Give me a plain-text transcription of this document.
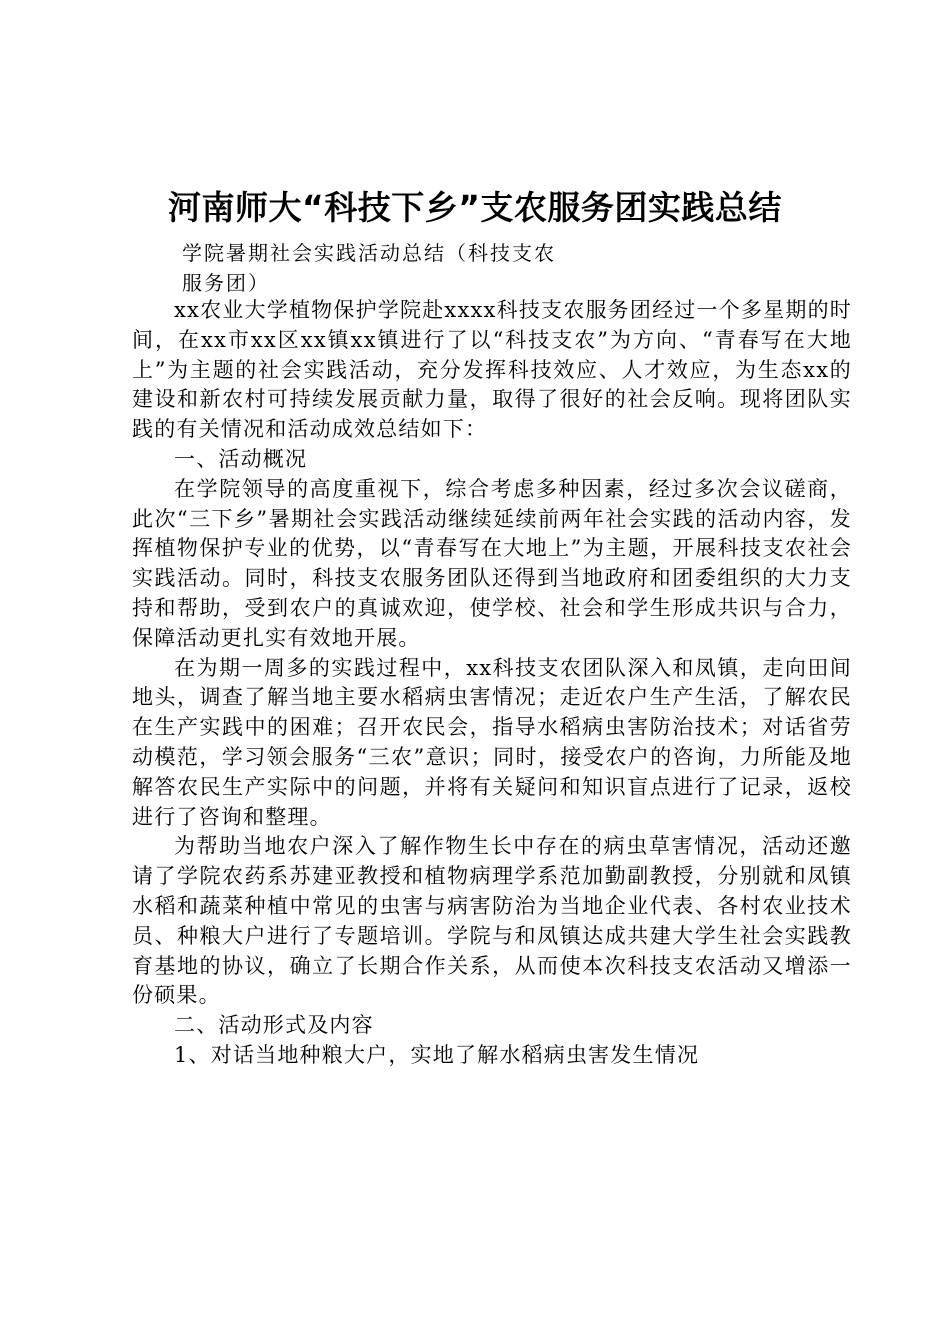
河南师大“科技下乡”支农服务团实践总结
学院暑期社会实践活动总结（科技支农
服务团）

xx农业大学植物保护学院赴xxxx科技支农服务团经过一个多星期的时间，在xx市xx区xx镇xx镇进行了以“科技支农”为方向、“青春写在大地上”为主题的社会实践活动，充分发挥科技效应、人才效应，为生态xx的建设和新农村可持续发展贡献力量，取得了很好的社会反响。现将团队实践的有关情况和活动成效总结如下：

一、活动概况

在学院领导的高度重视下，综合考虑多种因素，经过多次会议磋商，此次“三下乡”暑期社会实践活动继续延续前两年社会实践的活动内容，发挥植物保护专业的优势，以“青春写在大地上”为主题，开展科技支农社会实践活动。同时，科技支农服务团队还得到当地政府和团委组织的大力支持和帮助，受到农户的真诚欢迎，使学校、社会和学生形成共识与合力，保障活动更扎实有效地开展。

在为期一周多的实践过程中，xx科技支农团队深入和凤镇，走向田间地头，调查了解当地主要水稻病虫害情况；走近农户生产生活，了解农民在生产实践中的困难；召开农民会，指导水稻病虫害防治技术；对话省劳动模范，学习领会服务“三农”意识；同时，接受农户的咨询，力所能及地解答农民生产实际中的问题，并将有关疑问和知识盲点进行了记录，返校进行了咨询和整理。

为帮助当地农户深入了解作物生长中存在的病虫草害情况，活动还邀请了学院农药系苏建亚教授和植物病理学系范加勤副教授，分别就和凤镇水稻和蔬菜种植中常见的虫害与病害防治为当地企业代表、各村农业技术员、种粮大户进行了专题培训。学院与和凤镇达成共建大学生社会实践教育基地的协议，确立了长期合作关系，从而使本次科技支农活动又增添一份硕果。

二、活动形式及内容

1、对话当地种粮大户，实地了解水稻病虫害发生情况
